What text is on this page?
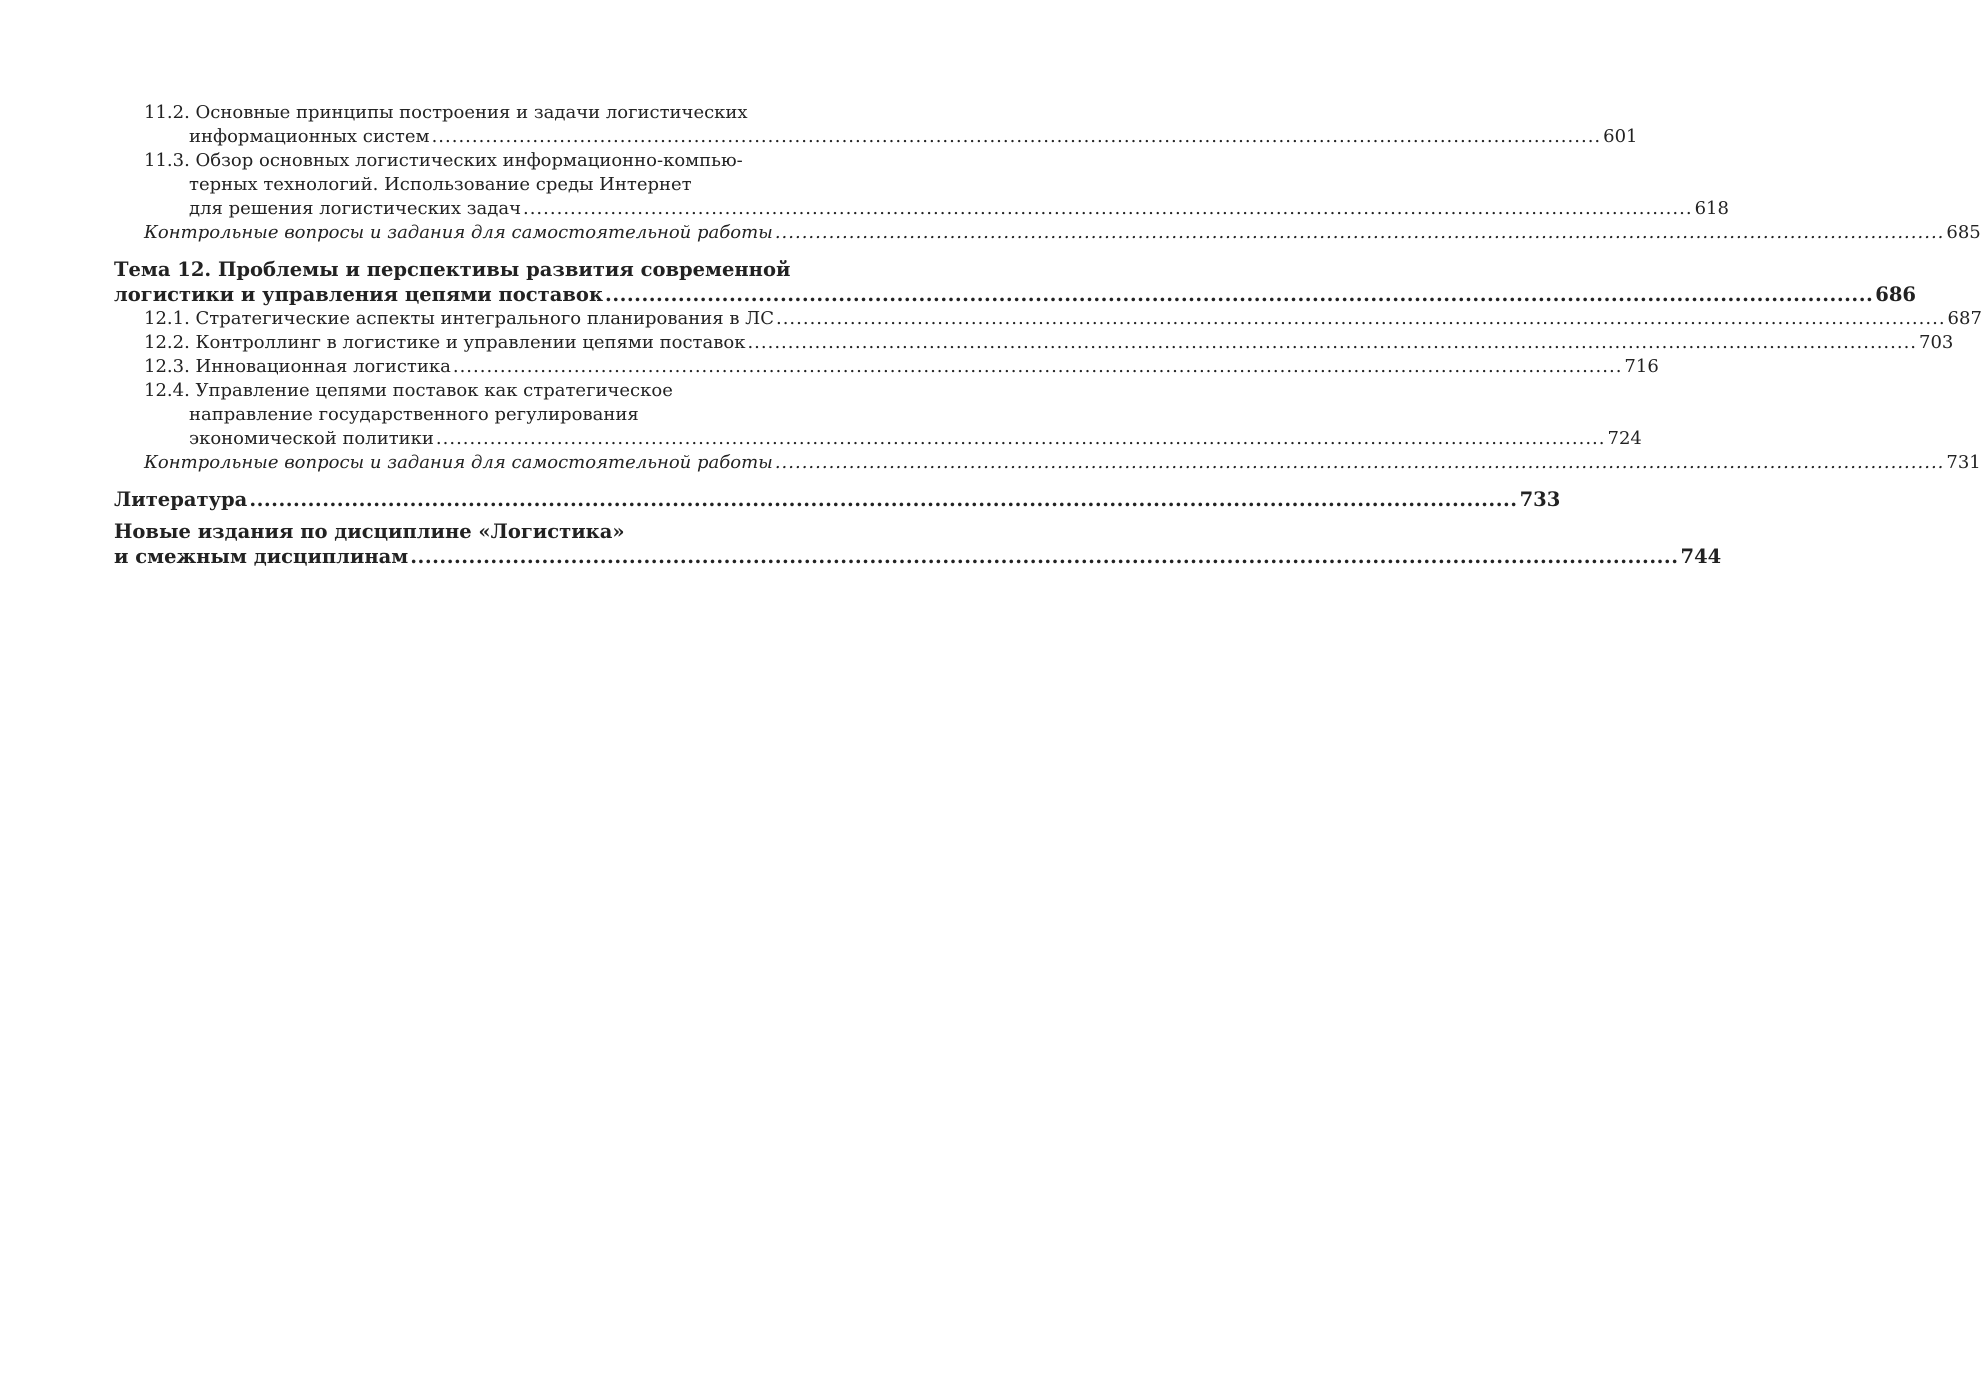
11.2. Основные принципы построения и задачи логистических
информационных систем .....	601
11.3. Обзор основных логистических информационно-компью-
терных технологий. Использование среды Интернет
для решения логистических задач .....	618
Контрольные вопросы и задания для самостоятельной работы .....	685
Тема 12. Проблемы и перспективы развития современной
логистики и управления цепями поставок .....	686
12.1. Стратегические аспекты интегрального планирования в ЛС .....	687
12.2. Контроллинг в логистике и управлении цепями поставок .....	703
12.3. Инновационная логистика .....	716
12.4. Управление цепями поставок как стратегическое
направление государственного регулирования
экономической политики .....	724
Контрольные вопросы и задания для самостоятельной работы .....	731
Литература .....	733
Новые издания по дисциплине «Логистика»
и смежным дисциплинам .....	744
